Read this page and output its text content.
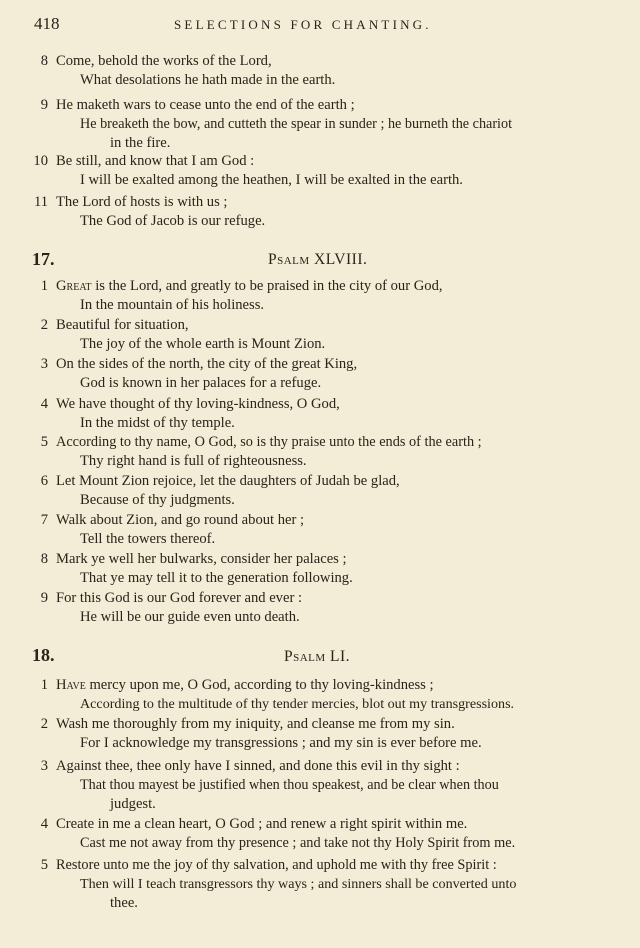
418	SELECTIONS FOR CHANTING.
8 Come, behold the works of the Lord,
What desolations he hath made in the earth.
9 He maketh wars to cease unto the end of the earth ;
He breaketh the bow, and cutteth the spear in sunder ; he burneth the chariot
in the fire.
10 Be still, and know that I am God :
I will be exalted among the heathen, I will be exalted in the earth.
11 The Lord of hosts is with us ;
The God of Jacob is our refuge.
17.	Psalm XLVIII.
1 Great is the Lord, and greatly to be praised in the city of our God,
In the mountain of his holiness.
2 Beautiful for situation,
The joy of the whole earth is Mount Zion.
3 On the sides of the north, the city of the great King,
God is known in her palaces for a refuge.
4 We have thought of thy loving-kindness, O God,
In the midst of thy temple.
5 According to thy name, O God, so is thy praise unto the ends of the earth ;
Thy right hand is full of righteousness.
6 Let Mount Zion rejoice, let the daughters of Judah be glad,
Because of thy judgments.
7 Walk about Zion, and go round about her ;
Tell the towers thereof.
8 Mark ye well her bulwarks, consider her palaces ;
That ye may tell it to the generation following.
9 For this God is our God forever and ever :
He will be our guide even unto death.
18.	Psalm LI.
1 Have mercy upon me, O God, according to thy loving-kindness ;
According to the multitude of thy tender mercies, blot out my transgressions.
2 Wash me thoroughly from my iniquity, and cleanse me from my sin.
For I acknowledge my transgressions ; and my sin is ever before me.
3 Against thee, thee only have I sinned, and done this evil in thy sight :
That thou mayest be justified when thou speakest, and be clear when thou
judgest.
4 Create in me a clean heart, O God ; and renew a right spirit within me.
Cast me not away from thy presence ; and take not thy Holy Spirit from me.
5 Restore unto me the joy of thy salvation, and uphold me with thy free Spirit :
Then will I teach transgressors thy ways ; and sinners shall be converted unto
thee.
